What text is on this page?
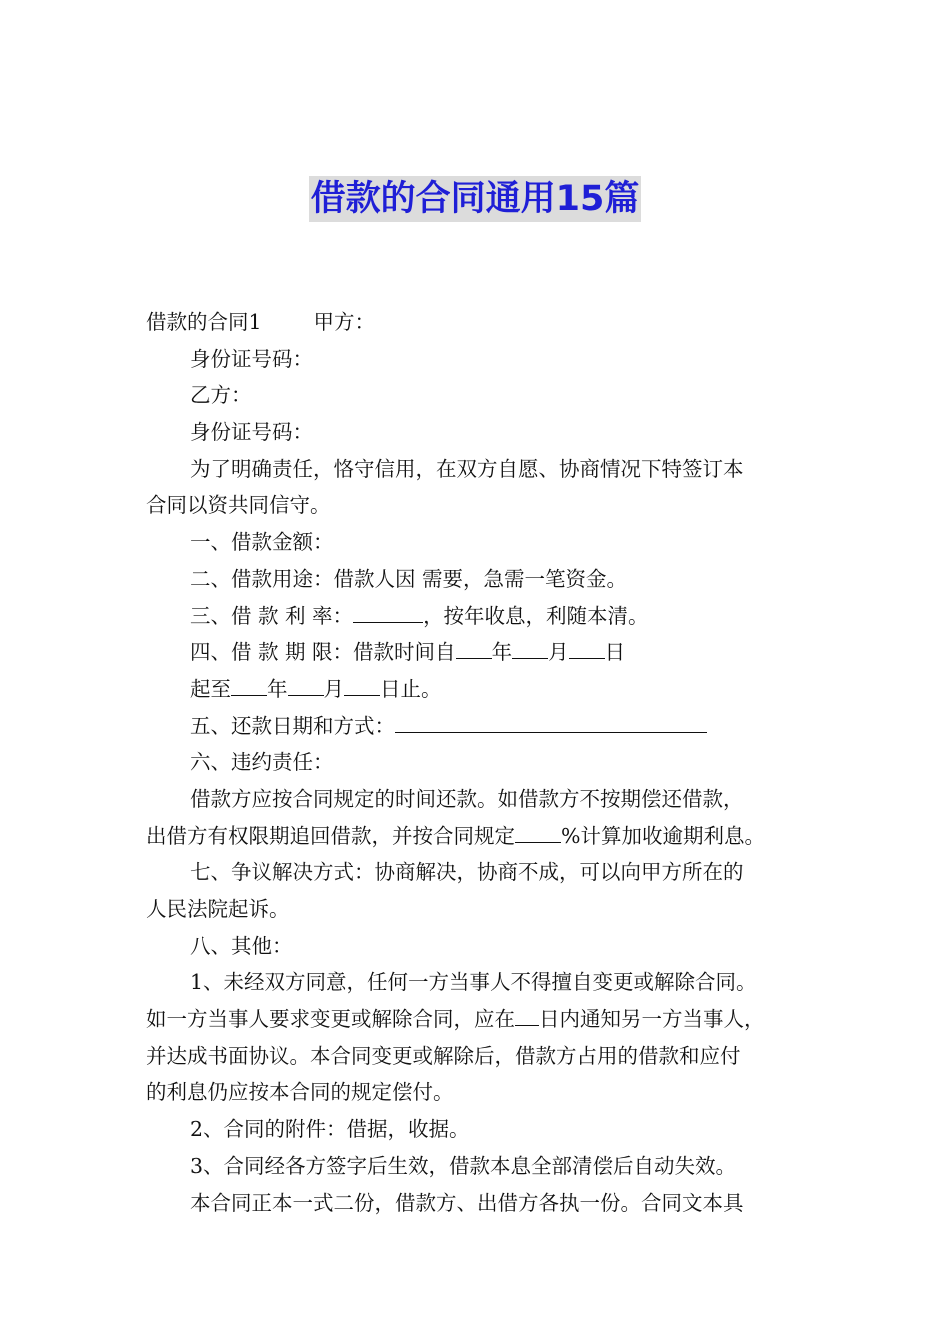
借款的合同通用15篇
借款的合同1	甲方：
身份证号码：
乙方：
身份证号码：
为了明确责任，恪守信用，在双方自愿、协商情况下特签订本
合同以资共同信守。
一、借款金额：
二、借款用途：借款人因 需要，急需一笔资金。
三、借 款 利 率：	，按年收息，利随本清。
四、借 款 期 限：借款时间自 年 月 日
起至 年 月 日止。
五、还款日期和方式：
六、违约责任：
借款方应按合同规定的时间还款。如借款方不按期偿还借款，
出借方有权限期追回借款，并按合同规定 %计算加收逾期利息。
七、争议解决方式：协商解决，协商不成，可以向甲方所在的
人民法院起诉。
八、其他：
1、未经双方同意，任何一方当事人不得擅自变更或解除合同。
如一方当事人要求变更或解除合同，应在 日内通知另一方当事人，
并达成书面协议。本合同变更或解除后，借款方占用的借款和应付
的利息仍应按本合同的规定偿付。
2、合同的附件：借据，收据。
3、合同经各方签字后生效，借款本息全部清偿后自动失效。
本合同正本一式二份，借款方、出借方各执一份。合同文本具
